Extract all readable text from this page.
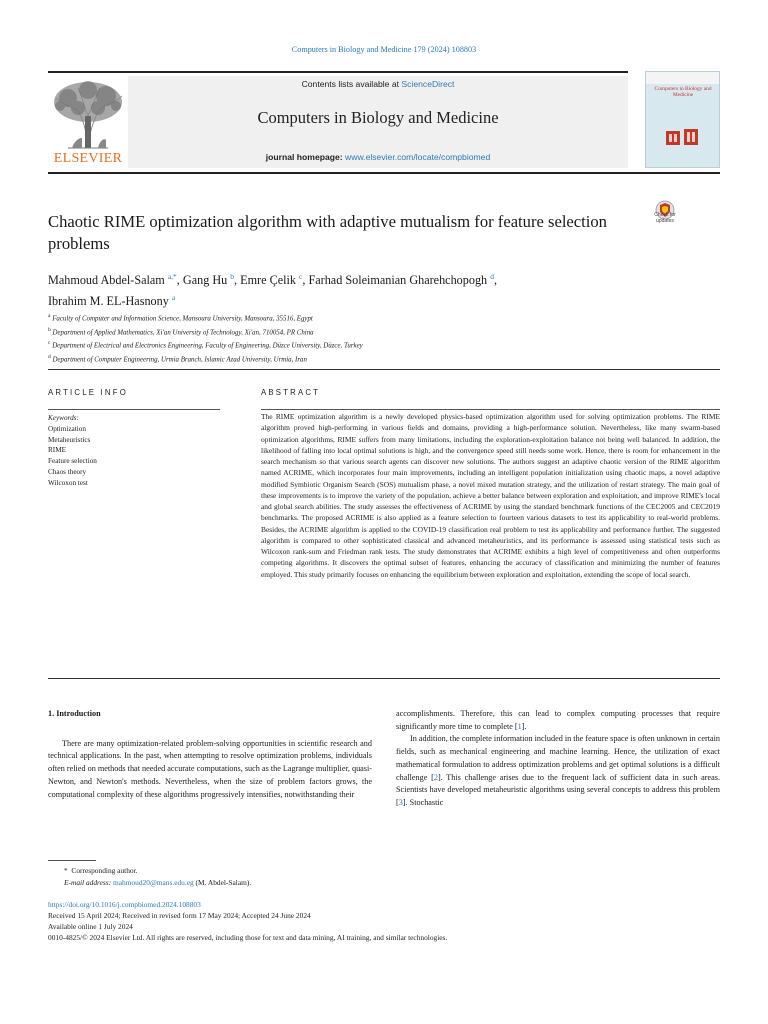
Computers in Biology and Medicine 179 (2024) 108803
ELSEVIER
Contents lists available at ScienceDirect
Computers in Biology and Medicine
journal homepage: www.elsevier.com/locate/compbiomed
Computers in Biology and Medicine
Check for
updates
Chaotic RIME optimization algorithm with adaptive mutualism for feature selection problems
Mahmoud Abdel-Salam $^{a,*}$, Gang Hu $^b$, Emre Çelik $^c$, Farhad Soleimanian Gharehchopogh $^d$,
Ibrahim M. EL-Hasnony $^a$
$^a$ Faculty of Computer and Information Science, Mansoura University, Mansoura, 35516, Egypt
$^b$ Department of Applied Mathematics, Xi'an University of Technology, Xi'an, 710054, PR China
$^c$ Department of Electrical and Electronics Engineering, Faculty of Engineering, Düzce University, Düzce, Turkey
$^d$ Department of Computer Engineering, Urmia Branch, Islamic Azad University, Urmia, Iran
ARTICLE INFO	ABSTRACT
Keywords:
Optimization
Metaheuristics
RIME
Feature selection
Chaos theory
Wilcoxon test
The RIME optimization algorithm is a newly developed physics-based optimization algorithm used for solving optimization problems. The RIME algorithm proved high-performing in various fields and domains, providing a high-performance solution. Nevertheless, like many swarm-based optimization algorithms, RIME suffers from many limitations, including the exploration-exploitation balance not being well balanced. In addition, the likelihood of falling into local optimal solutions is high, and the convergence speed still needs some work. Hence, there is room for enhancement in the search mechanism so that various search agents can discover new solutions. The authors suggest an adaptive chaotic version of the RIME algorithm named ACRIME, which incorporates four main improvements, including an intelligent population initialization using chaotic maps, a novel adaptive modified Symbiotic Organism Search (SOS) mutualism phase, a novel mixed mutation strategy, and the utilization of restart strategy. The main goal of these improvements is to improve the variety of the population, achieve a better balance between exploration and exploitation, and improve RIME's local and global search abilities. The study assesses the effectiveness of ACRIME by using the standard benchmark functions of the CEC2005 and CEC2019 benchmarks. The proposed ACRIME is also applied as a feature selection to fourteen various datasets to test its applicability to real-world problems. Besides, the ACRIME algorithm is applied to the COVID-19 classification real problem to test its applicability and performance further. The suggested algorithm is compared to other sophisticated classical and advanced metaheuristics, and its performance is assessed using statistical tests such as Wilcoxon rank-sum and Friedman rank tests. The study demonstrates that ACRIME exhibits a high level of competitiveness and often outperforms competing algorithms. It discovers the optimal subset of features, enhancing the accuracy of classification and minimizing the number of features employed. This study primarily focuses on enhancing the equilibrium between exploration and exploitation, extending the scope of local search.
1. Introduction

There are many optimization-related problem-solving opportunities in scientific research and technical applications. In the past, when attempting to resolve optimization problems, individuals often relied on methods that needed accurate computations, such as the Lagrange multiplier, quasi-Newton, and Newton's methods. Nevertheless, when the size of problem factors grows, the computational complexity of these algorithms progressively intensifies, notwithstanding their

accomplishments. Therefore, this can lead to complex computing processes that require significantly more time to complete [1].

In addition, the complete information included in the feature space is often unknown in certain fields, such as mechanical engineering and machine learning. Hence, the utilization of exact mathematical formulation to address optimization problems and get optimal solutions is a difficult challenge [2]. This challenge arises due to the frequent lack of sufficient data in such areas. Scientists have developed metaheuristic algorithms using several concepts to address this problem [3]. Stochastic

* Corresponding author.
E-mail address: mahmoud20@mans.edu.eg (M. Abdel-Salam).
https://doi.org/10.1016/j.compbiomed.2024.108803
Received 15 April 2024; Received in revised form 17 May 2024; Accepted 24 June 2024
Available online 1 July 2024
0010-4825/© 2024 Elsevier Ltd. All rights are reserved, including those for text and data mining, AI training, and similar technologies.
